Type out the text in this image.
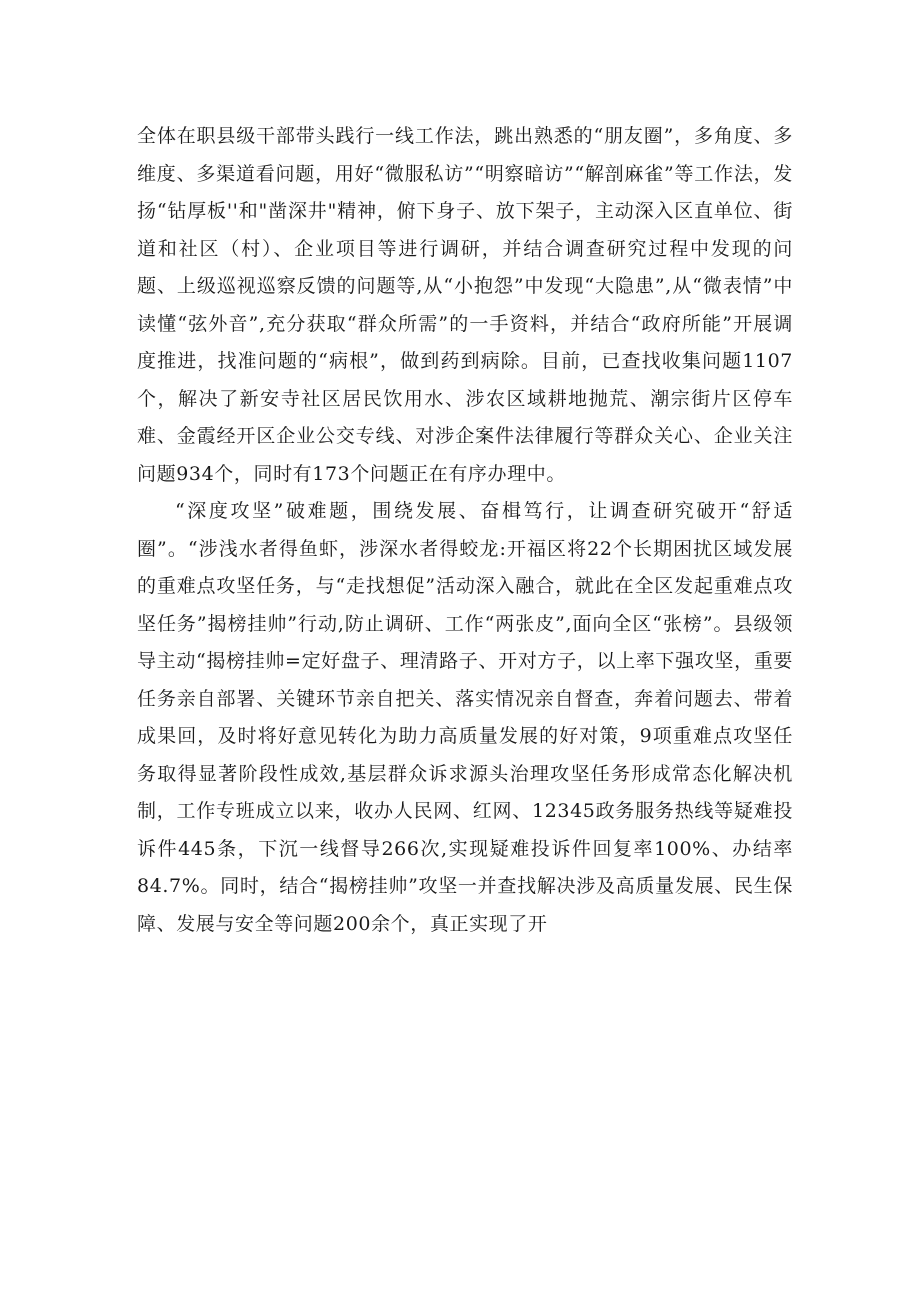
全体在职县级干部带头践行一线工作法，跳出熟悉的“朋友圈”，多角度、多维度、多渠道看问题，用好“微服私访”“明察暗访”“解剖麻雀”等工作法，发扬“钻厚板''和"凿深井"精神，俯下身子、放下架子，主动深入区直单位、街道和社区（村）、企业项目等进行调研，并结合调查研究过程中发现的问题、上级巡视巡察反馈的问题等,从“小抱怨”中发现“大隐患”,从“微表情”中读懂“弦外音”,充分获取“群众所需”的一手资料，并结合“政府所能”开展调度推进，找准问题的“病根”，做到药到病除。目前，已查找收集问题1107个，解决了新安寺社区居民饮用水、涉农区域耕地抛荒、潮宗街片区停车难、金霞经开区企业公交专线、对涉企案件法律履行等群众关心、企业关注问题934个，同时有173个问题正在有序办理中。

“深度攻坚”破难题，围绕发展、奋楫笃行，让调查研究破开“舒适圈”。“涉浅水者得鱼虾，涉深水者得蛟龙:开福区将22个长期困扰区域发展的重难点攻坚任务，与“走找想促”活动深入融合，就此在全区发起重难点攻坚任务”揭榜挂帅”行动,防止调研、工作“两张皮”,面向全区“张榜”。县级领导主动“揭榜挂帅=定好盘子、理清路子、开对方子，以上率下强攻坚，重要任务亲自部署、关键环节亲自把关、落实情况亲自督查，奔着问题去、带着成果回，及时将好意见转化为助力高质量发展的好对策，9项重难点攻坚任务取得显著阶段性成效,基层群众诉求源头治理攻坚任务形成常态化解决机制，工作专班成立以来，收办人民网、红网、12345政务服务热线等疑难投诉件445条，下沉一线督导266次,实现疑难投诉件回复率100%、办结率84.7%。同时，结合“揭榜挂帅”攻坚一并查找解决涉及高质量发展、民生保障、发展与安全等问题200余个，真正实现了开
